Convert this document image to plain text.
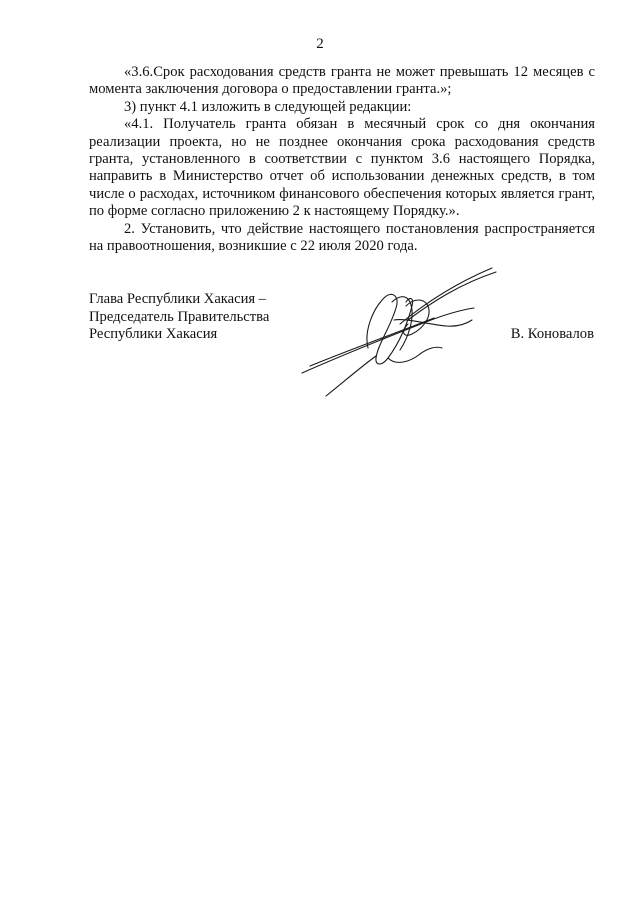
2

«3.6.Срок расходования средств гранта не может превышать 12 месяцев с момента заключения договора о предоставлении гранта.»;

3) пункт 4.1 изложить в следующей редакции:

«4.1. Получатель гранта обязан в месячный срок со дня окончания реализации проекта, но не позднее окончания срока расходования средств гранта, установленного в соответствии с пунктом 3.6 настоящего Порядка, направить в Министерство отчет об использовании денежных средств, в том числе о расходах, источником финансового обеспечения которых является грант, по форме согласно приложению 2 к настоящему Порядку.».

2. Установить, что действие настоящего постановления распространяется на правоотношения, возникшие с 22 июля 2020 года.

Глава Республики Хакасия –
Председатель Правительства
Республики Хакасия	В. Коновалов
